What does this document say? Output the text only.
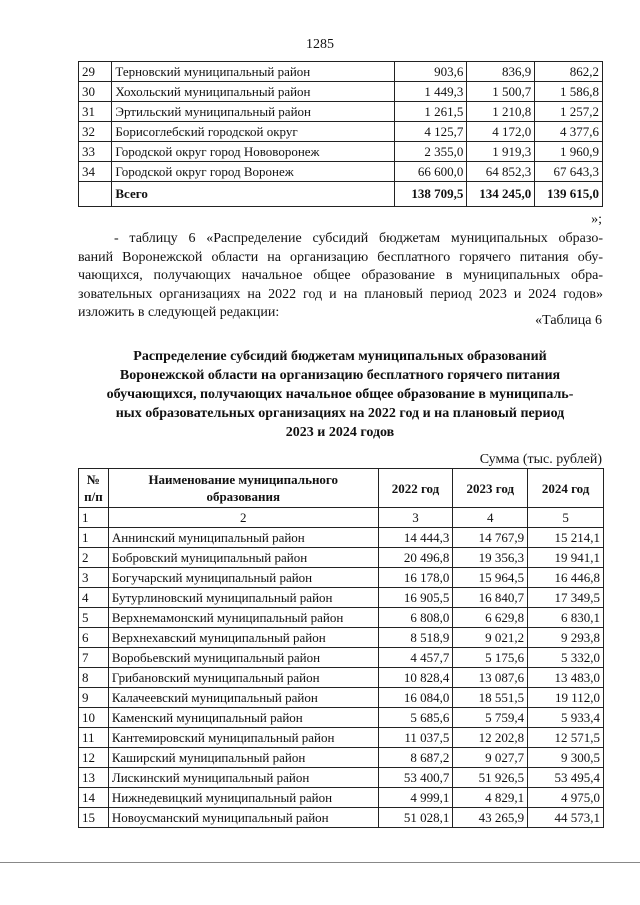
1285
29	Терновский муниципальный район	903,6	836,9	862,2
30	Хохольский муниципальный район	1 449,3	1 500,7	1 586,8
31	Эртильский муниципальный район	1 261,5	1 210,8	1 257,2
32	Борисоглебский городской округ	4 125,7	4 172,0	4 377,6
33	Городской округ город Нововоронеж	2 355,0	1 919,3	1 960,9
34	Городской округ город Воронеж	66 600,0	64 852,3	67 643,3
	Всего	138 709,5	134 245,0	139 615,0
»;
- таблицу 6 «Распределение субсидий бюджетам муниципальных образо-
ваний Воронежской области на организацию бесплатного горячего питания обу-
чающихся, получающих начальное общее образование в муниципальных обра-
зовательных организациях на 2022 год и на плановый период 2023 и 2024 годов»
изложить в следующей редакции:
«Таблица 6
Распределение субсидий бюджетам муниципальных образований
Воронежской области на организацию бесплатного горячего питания
обучающихся, получающих начальное общее образование в муниципаль-
ных образовательных организациях на 2022 год и на плановый период
2023 и 2024 годов
Сумма (тыс. рублей)
№ п/п	Наименование муниципального образования	2022 год	2023 год	2024 год
1	2	3	4	5
1	Аннинский муниципальный район	14 444,3	14 767,9	15 214,1
2	Бобровский муниципальный район	20 496,8	19 356,3	19 941,1
3	Богучарский муниципальный район	16 178,0	15 964,5	16 446,8
4	Бутурлиновский муниципальный район	16 905,5	16 840,7	17 349,5
5	Верхнемамонский муниципальный район	6 808,0	6 629,8	6 830,1
6	Верхнехавский муниципальный район	8 518,9	9 021,2	9 293,8
7	Воробьевский муниципальный район	4 457,7	5 175,6	5 332,0
8	Грибановский муниципальный район	10 828,4	13 087,6	13 483,0
9	Калачеевский муниципальный район	16 084,0	18 551,5	19 112,0
10	Каменский муниципальный район	5 685,6	5 759,4	5 933,4
11	Кантемировский муниципальный район	11 037,5	12 202,8	12 571,5
12	Каширский муниципальный район	8 687,2	9 027,7	9 300,5
13	Лискинский муниципальный район	53 400,7	51 926,5	53 495,4
14	Нижнедевицкий муниципальный район	4 999,1	4 829,1	4 975,0
15	Новоусманский муниципальный район	51 028,1	43 265,9	44 573,1
